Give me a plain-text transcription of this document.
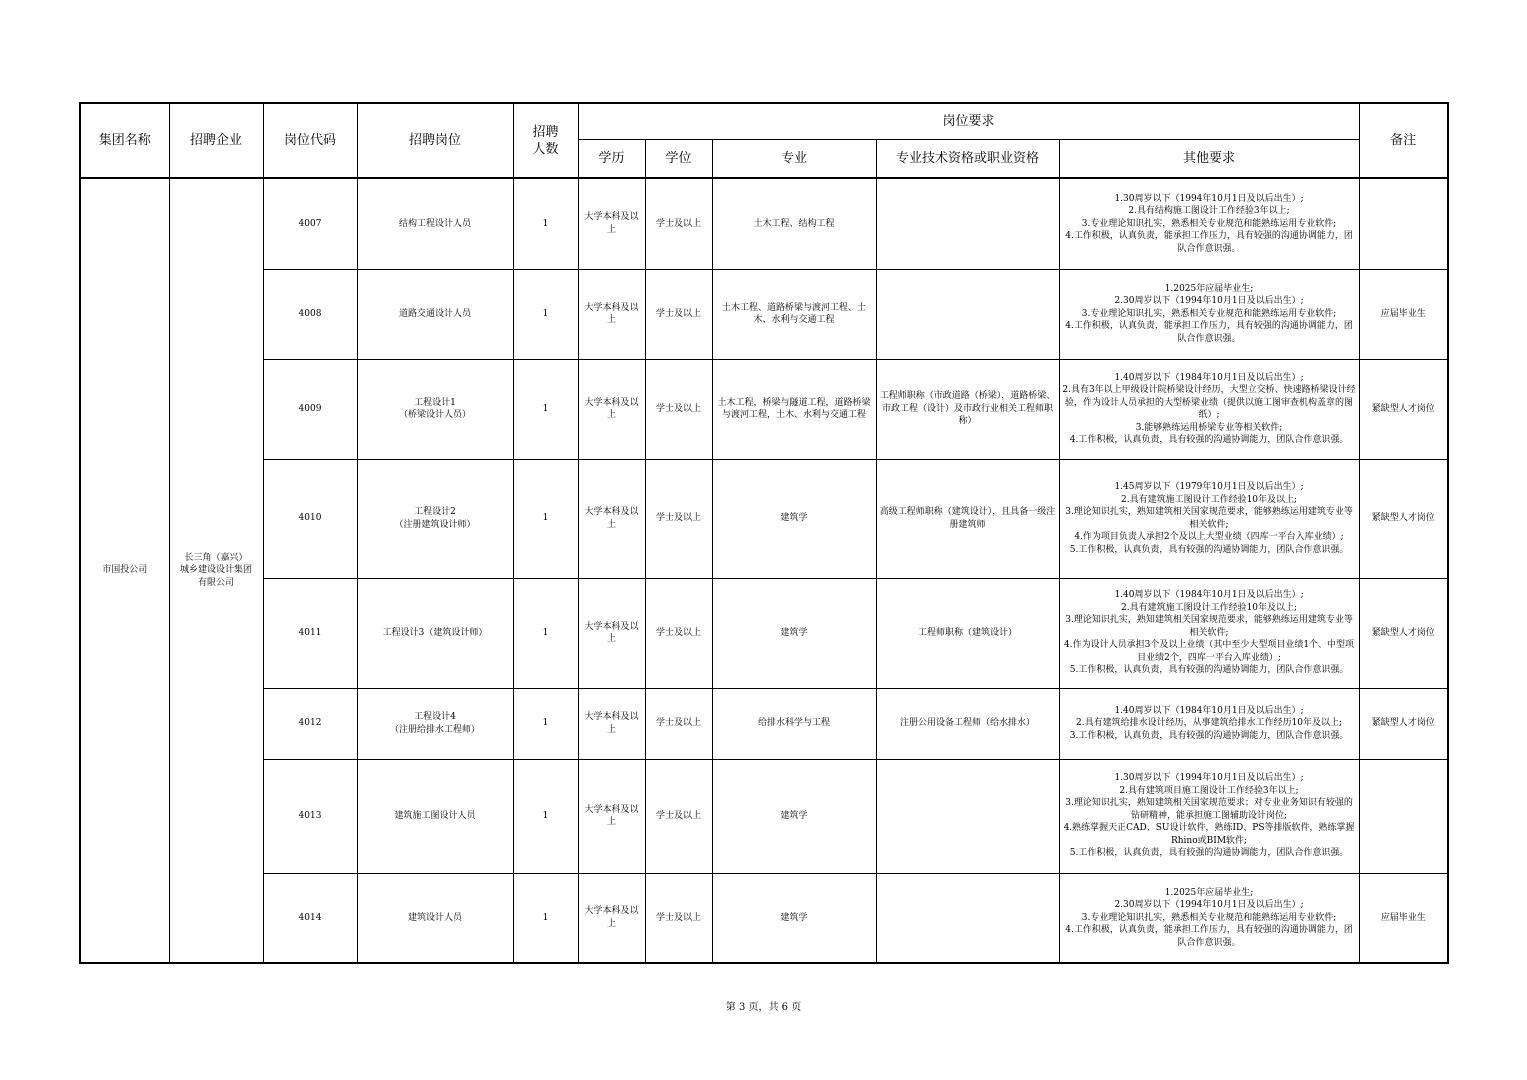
集团名称	招聘企业	岗位代码	招聘岗位	招聘人数	岗位要求					备注
					学历	学位	专业	专业技术资格或职业资格	其他要求	
市国投公司	长三角（嘉兴）
城乡建设设计集团
有限公司	4007	结构工程设计人员	1	大学本科及以上	学士及以上	土木工程、结构工程		1.30周岁以下（1994年10月1日及以后出生）;
2.具有结构施工图设计工作经验3年以上;
3.专业理论知识扎实，熟悉相关专业规范和能熟练运用专业软件;
4.工作积极，认真负责，能承担工作压力，具有较强的沟通协调能力，团队合作意识强。	
		4008	道路交通设计人员	1	大学本科及以上	学士及以上	土木工程、道路桥梁与渡河工程、土木、水利与交通工程		1.2025年应届毕业生;
2.30周岁以下（1994年10月1日及以后出生）;
3.专业理论知识扎实，熟悉相关专业规范和能熟练运用专业软件;
4.工作积极，认真负责，能承担工作压力，具有较强的沟通协调能力，团队合作意识强。	应届毕业生
		4009	工程设计1
（桥梁设计人员）	1	大学本科及以上	学士及以上	土木工程，桥梁与隧道工程，道路桥梁与渡河工程，土木、水利与交通工程	工程师职称（市政道路（桥梁），道路桥梁、市政工程（设计）及市政行业相关工程师职称）	1.40周岁以下（1984年10月1日及以后出生）;
2.具有3年以上甲级设计院桥梁设计经历，大型立交桥、快速路桥梁设计经验，作为设计人员承担的大型桥梁业绩（提供以施工图审查机构盖章的图纸）;
3.能够熟练运用桥梁专业等相关软件;
4.工作积极，认真负责，具有较强的沟通协调能力，团队合作意识强。	紧缺型人才岗位
		4010	工程设计2
（注册建筑设计师）	1	大学本科及以上	学士及以上	建筑学	高级工程师职称（建筑设计），且具备一级注册建筑师	1.45周岁以下（1979年10月1日及以后出生）;
2.具有建筑施工图设计工作经验10年及以上;
3.理论知识扎实，熟知建筑相关国家规范要求，能够熟练运用建筑专业等相关软件;
4.作为项目负责人承担2个及以上大型业绩（四库一平台入库业绩）;
5.工作积极，认真负责，具有较强的沟通协调能力，团队合作意识强。	紧缺型人才岗位
		4011	工程设计3（建筑设计师）	1	大学本科及以上	学士及以上	建筑学	工程师职称（建筑设计）	1.40周岁以下（1984年10月1日及以后出生）;
2.具有建筑施工图设计工作经验10年及以上;
3.理论知识扎实，熟知建筑相关国家规范要求，能够熟练运用建筑专业等相关软件;
4.作为设计人员承担3个及以上业绩（其中至少大型项目业绩1个、中型项目业绩2个，四库一平台入库业绩）;
5.工作积极，认真负责，具有较强的沟通协调能力，团队合作意识强。	紧缺型人才岗位
		4012	工程设计4
（注册给排水工程师）	1	大学本科及以上	学士及以上	给排水科学与工程	注册公用设备工程师（给水排水）	1.40周岁以下（1984年10月1日及以后出生）;
2.具有建筑给排水设计经历，从事建筑给排水工作经历10年及以上;
3.工作积极，认真负责，具有较强的沟通协调能力，团队合作意识强。	紧缺型人才岗位
		4013	建筑施工图设计人员	1	大学本科及以上	学士及以上	建筑学		1.30周岁以下（1994年10月1日及以后出生）;
2.具有建筑项目施工图设计工作经验3年以上;
3.理论知识扎实，熟知建筑相关国家规范要求；对专业业务知识有较强的钻研精神，能承担施工图辅助设计岗位;
4.熟练掌握天正CAD、SU设计软件，熟练ID、PS等排版软件，熟练掌握Rhino或BIM软件;
5.工作积极，认真负责，具有较强的沟通协调能力，团队合作意识强。	
		4014	建筑设计人员	1	大学本科及以上	学士及以上	建筑学		1.2025年应届毕业生;
2.30周岁以下（1994年10月1日及以后出生）;
3.专业理论知识扎实，熟悉相关专业规范和能熟练运用专业软件;
4.工作积极，认真负责，能承担工作压力，具有较强的沟通协调能力，团队合作意识强。	应届毕业生
第 3 页，共 6 页
